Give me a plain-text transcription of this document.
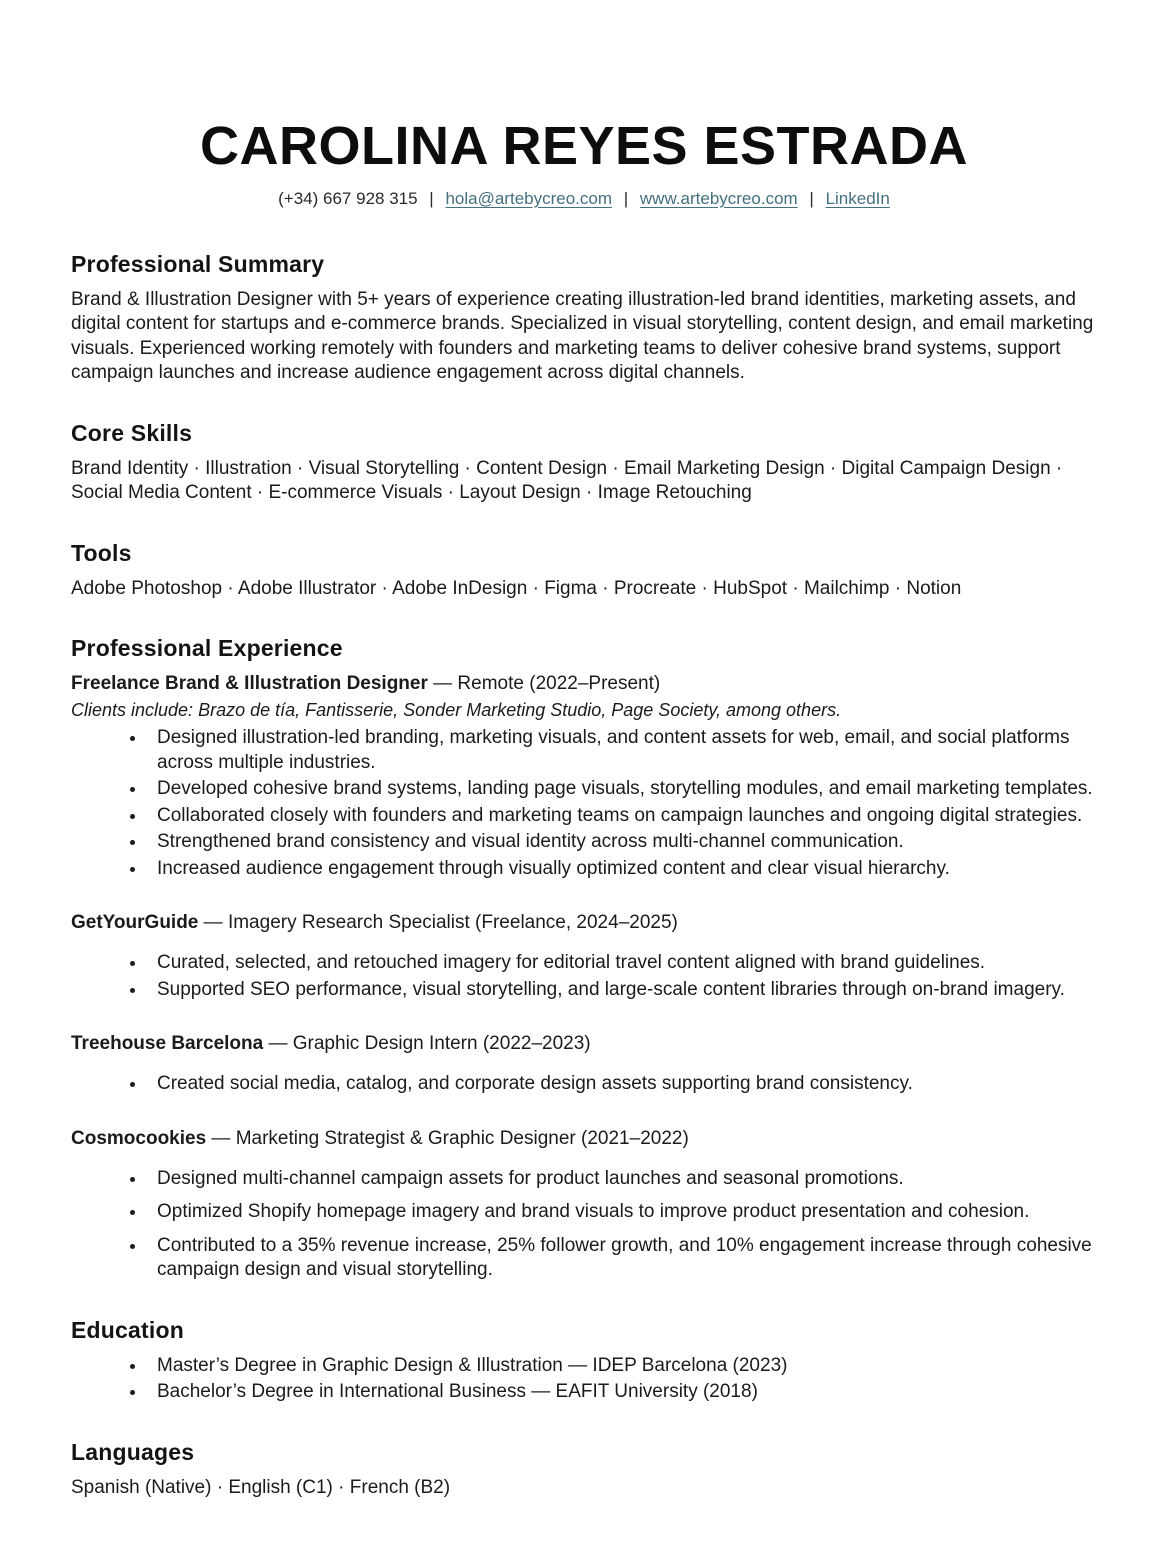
CAROLINA REYES ESTRADA
(+34) 667 928 315 | hola@artebycreo.com | www.artebycreo.com | LinkedIn
Professional Summary

Brand & Illustration Designer with 5+ years of experience creating illustration-led brand identities, marketing assets, and digital content for startups and e-commerce brands. Specialized in visual storytelling, content design, and email marketing visuals. Experienced working remotely with founders and marketing teams to deliver cohesive brand systems, support campaign launches and increase audience engagement across digital channels.

Core Skills

Brand Identity · Illustration · Visual Storytelling · Content Design · Email Marketing Design · Digital Campaign Design · Social Media Content · E-commerce Visuals · Layout Design · Image Retouching

Tools

Adobe Photoshop · Adobe Illustrator · Adobe InDesign · Figma · Procreate · HubSpot · Mailchimp · Notion

Professional Experience
Freelance Brand & Illustration Designer — Remote (2022–Present)

Clients include: Brazo de tía, Fantisserie, Sonder Marketing Studio, Page Society, among others.

• Designed illustration-led branding, marketing visuals, and content assets for web, email, and social platforms across multiple industries.
• Developed cohesive brand systems, landing page visuals, storytelling modules, and email marketing templates.
• Collaborated closely with founders and marketing teams on campaign launches and ongoing digital strategies.
• Strengthened brand consistency and visual identity across multi-channel communication.
• Increased audience engagement through visually optimized content and clear visual hierarchy.
GetYourGuide — Imagery Research Specialist (Freelance, 2024–2025)
• Curated, selected, and retouched imagery for editorial travel content aligned with brand guidelines.
• Supported SEO performance, visual storytelling, and large-scale content libraries through on-brand imagery.
Treehouse Barcelona — Graphic Design Intern (2022–2023)
• Created social media, catalog, and corporate design assets supporting brand consistency.
Cosmocookies — Marketing Strategist & Graphic Designer (2021–2022)
• Designed multi-channel campaign assets for product launches and seasonal promotions.
• Optimized Shopify homepage imagery and brand visuals to improve product presentation and cohesion.
• Contributed to a 35% revenue increase, 25% follower growth, and 10% engagement increase through cohesive campaign design and visual storytelling.
Education
• Master’s Degree in Graphic Design & Illustration — IDEP Barcelona (2023)
• Bachelor’s Degree in International Business — EAFIT University (2018)
Languages

Spanish (Native) · English (C1) · French (B2)
